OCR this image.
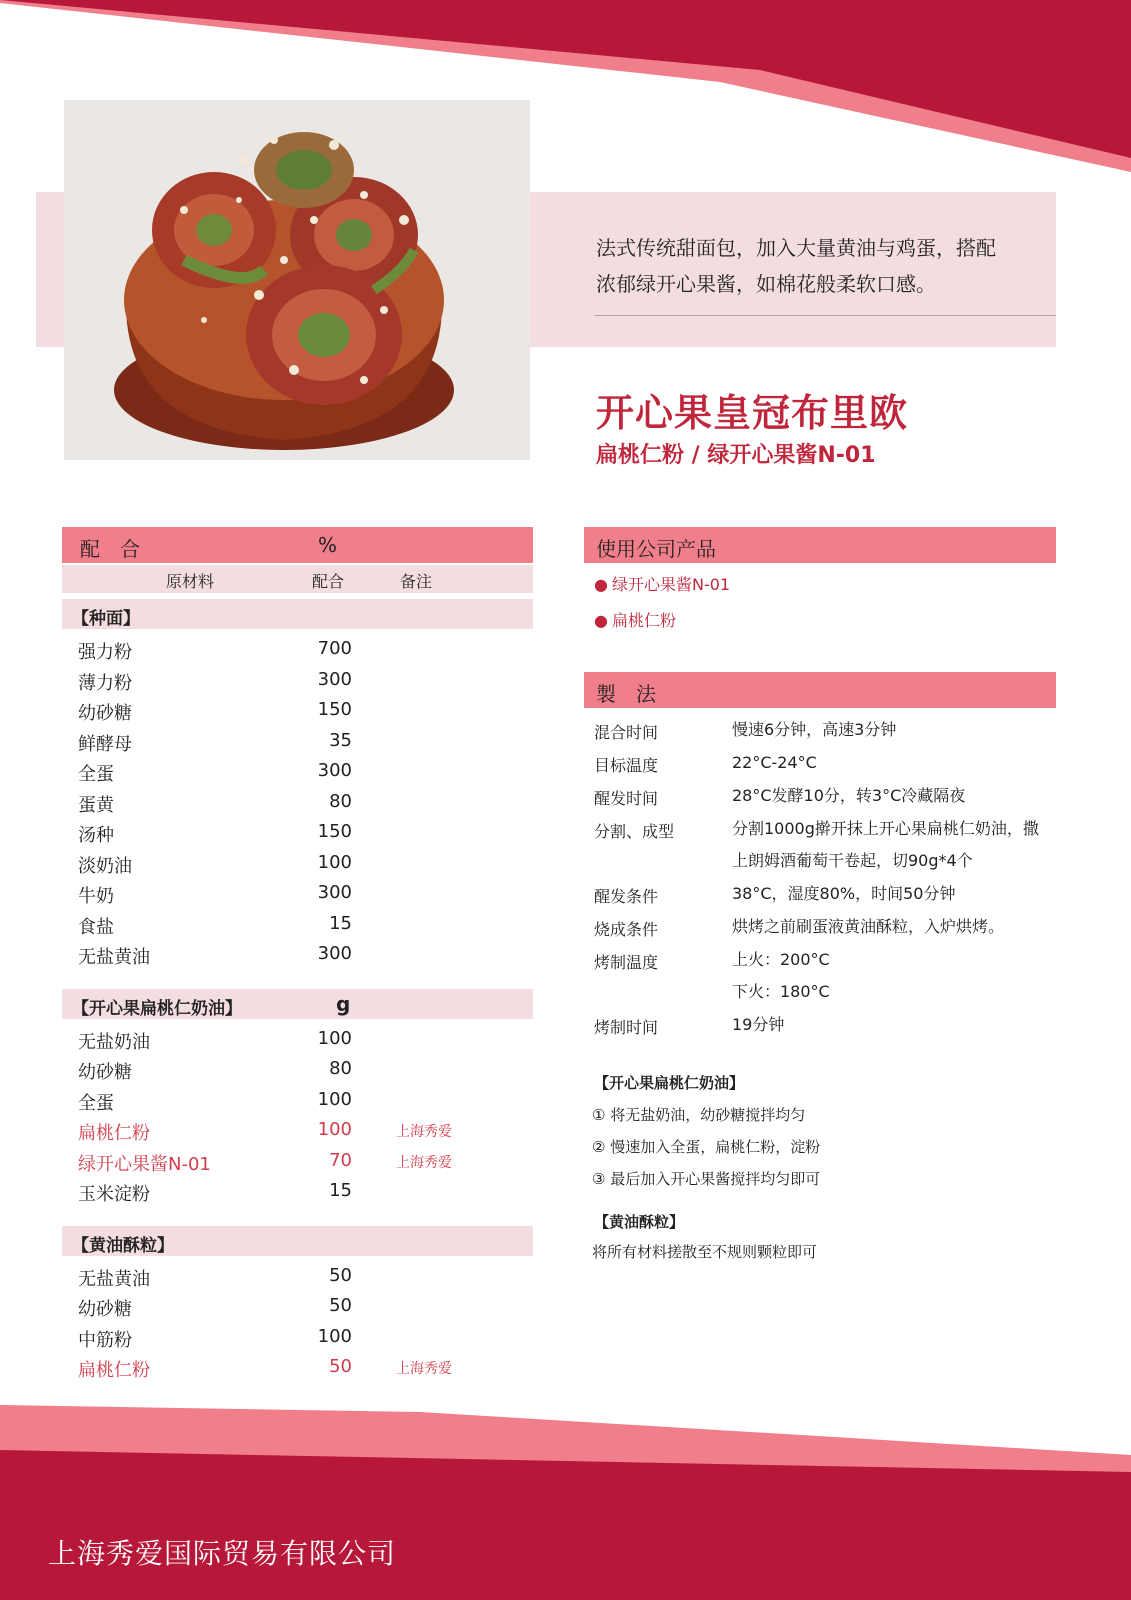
法式传统甜面包，加入大量黄油与鸡蛋，搭配
浓郁绿开心果酱，如棉花般柔软口感。
开心果皇冠布里欧
扁桃仁粉 / 绿开心果酱N-01
配　合	%
原材料	配合	备注
【种面】
强力粉	700
薄力粉	300
幼砂糖	150
鲜酵母	35
全蛋	300
蛋黄	80
汤种	150
淡奶油	100
牛奶	300
食盐	15
无盐黄油	300
【开心果扁桃仁奶油】	g
无盐奶油	100
幼砂糖	80
全蛋	100
扁桃仁粉	100	上海秀爱
绿开心果酱N-01	70	上海秀爱
玉米淀粉	15
【黄油酥粒】
无盐黄油	50
幼砂糖	50
中筋粉	100
扁桃仁粉	50	上海秀爱
使用公司产品
● 绿开心果酱N-01
● 扁桃仁粉
製　法
混合时间	慢速6分钟，高速3分钟
目标温度	22°C-24°C
醒发时间	28°C发酵10分，转3°C冷藏隔夜
分割、成型	分割1000g擀开抹上开心果扁桃仁奶油，撒
上朗姆酒葡萄干卷起，切90g*4个
醒发条件	38°C，湿度80%，时间50分钟
烧成条件	烘烤之前刷蛋液黄油酥粒，入炉烘烤。
烤制温度	上火：200°C
下火：180°C
烤制时间	19分钟
【开心果扁桃仁奶油】
① 将无盐奶油，幼砂糖搅拌均匀
② 慢速加入全蛋，扁桃仁粉，淀粉
③ 最后加入开心果酱搅拌均匀即可
【黄油酥粒】
将所有材料搓散至不规则颗粒即可
上海秀爱国际贸易有限公司
